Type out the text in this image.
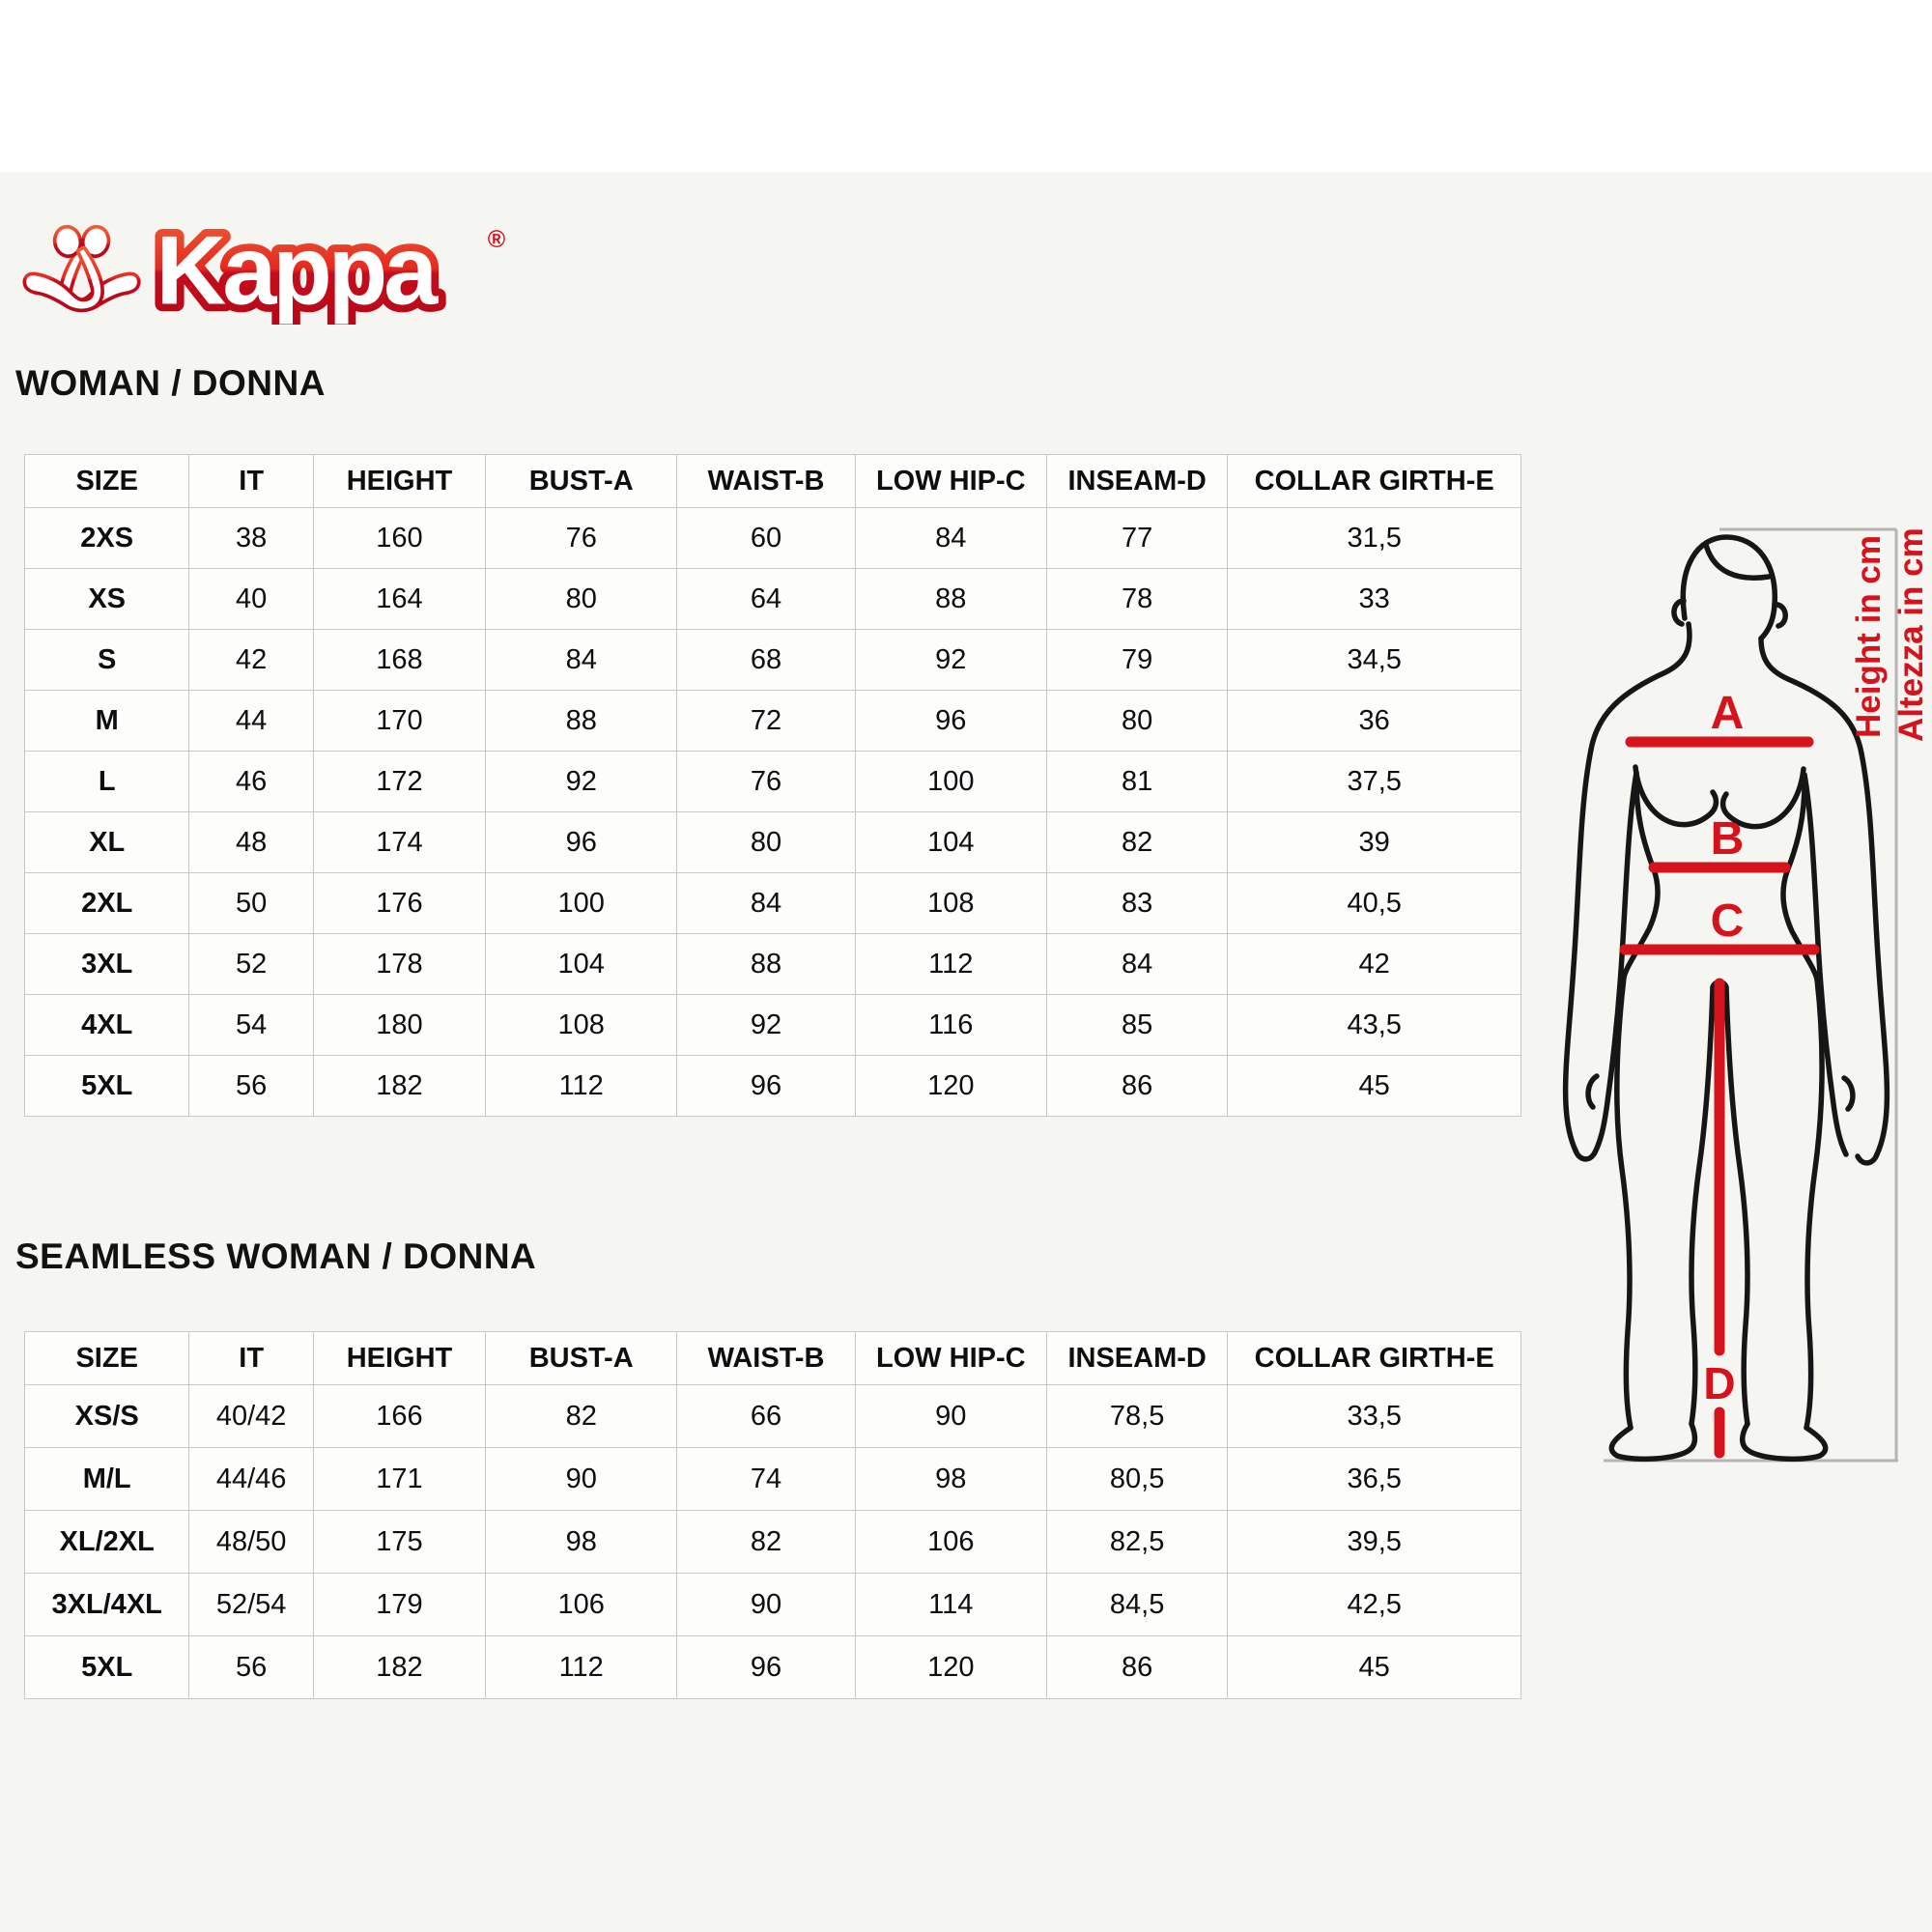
Kappa ®
WOMAN / DONNA
SEAMLESS WOMAN / DONNA
SIZE	IT	HEIGHT	BUST-A	WAIST-B	LOW HIP-C	INSEAM-D	COLLAR GIRTH-E
2XS	38	160	76	60	84	77	31,5
XS	40	164	80	64	88	78	33
S	42	168	84	68	92	79	34,5
M	44	170	88	72	96	80	36
L	46	172	92	76	100	81	37,5
XL	48	174	96	80	104	82	39
2XL	50	176	100	84	108	83	40,5
3XL	52	178	104	88	112	84	42
4XL	54	180	108	92	116	85	43,5
5XL	56	182	112	96	120	86	45
SIZE	IT	HEIGHT	BUST-A	WAIST-B	LOW HIP-C	INSEAM-D	COLLAR GIRTH-E
XS/S	40/42	166	82	66	90	78,5	33,5
M/L	44/46	171	90	74	98	80,5	36,5
XL/2XL	48/50	175	98	82	106	82,5	39,5
3XL/4XL	52/54	179	106	90	114	84,5	42,5
5XL	56	182	112	96	120	86	45
A
B
C
D
Height in cm Altezza in cm
